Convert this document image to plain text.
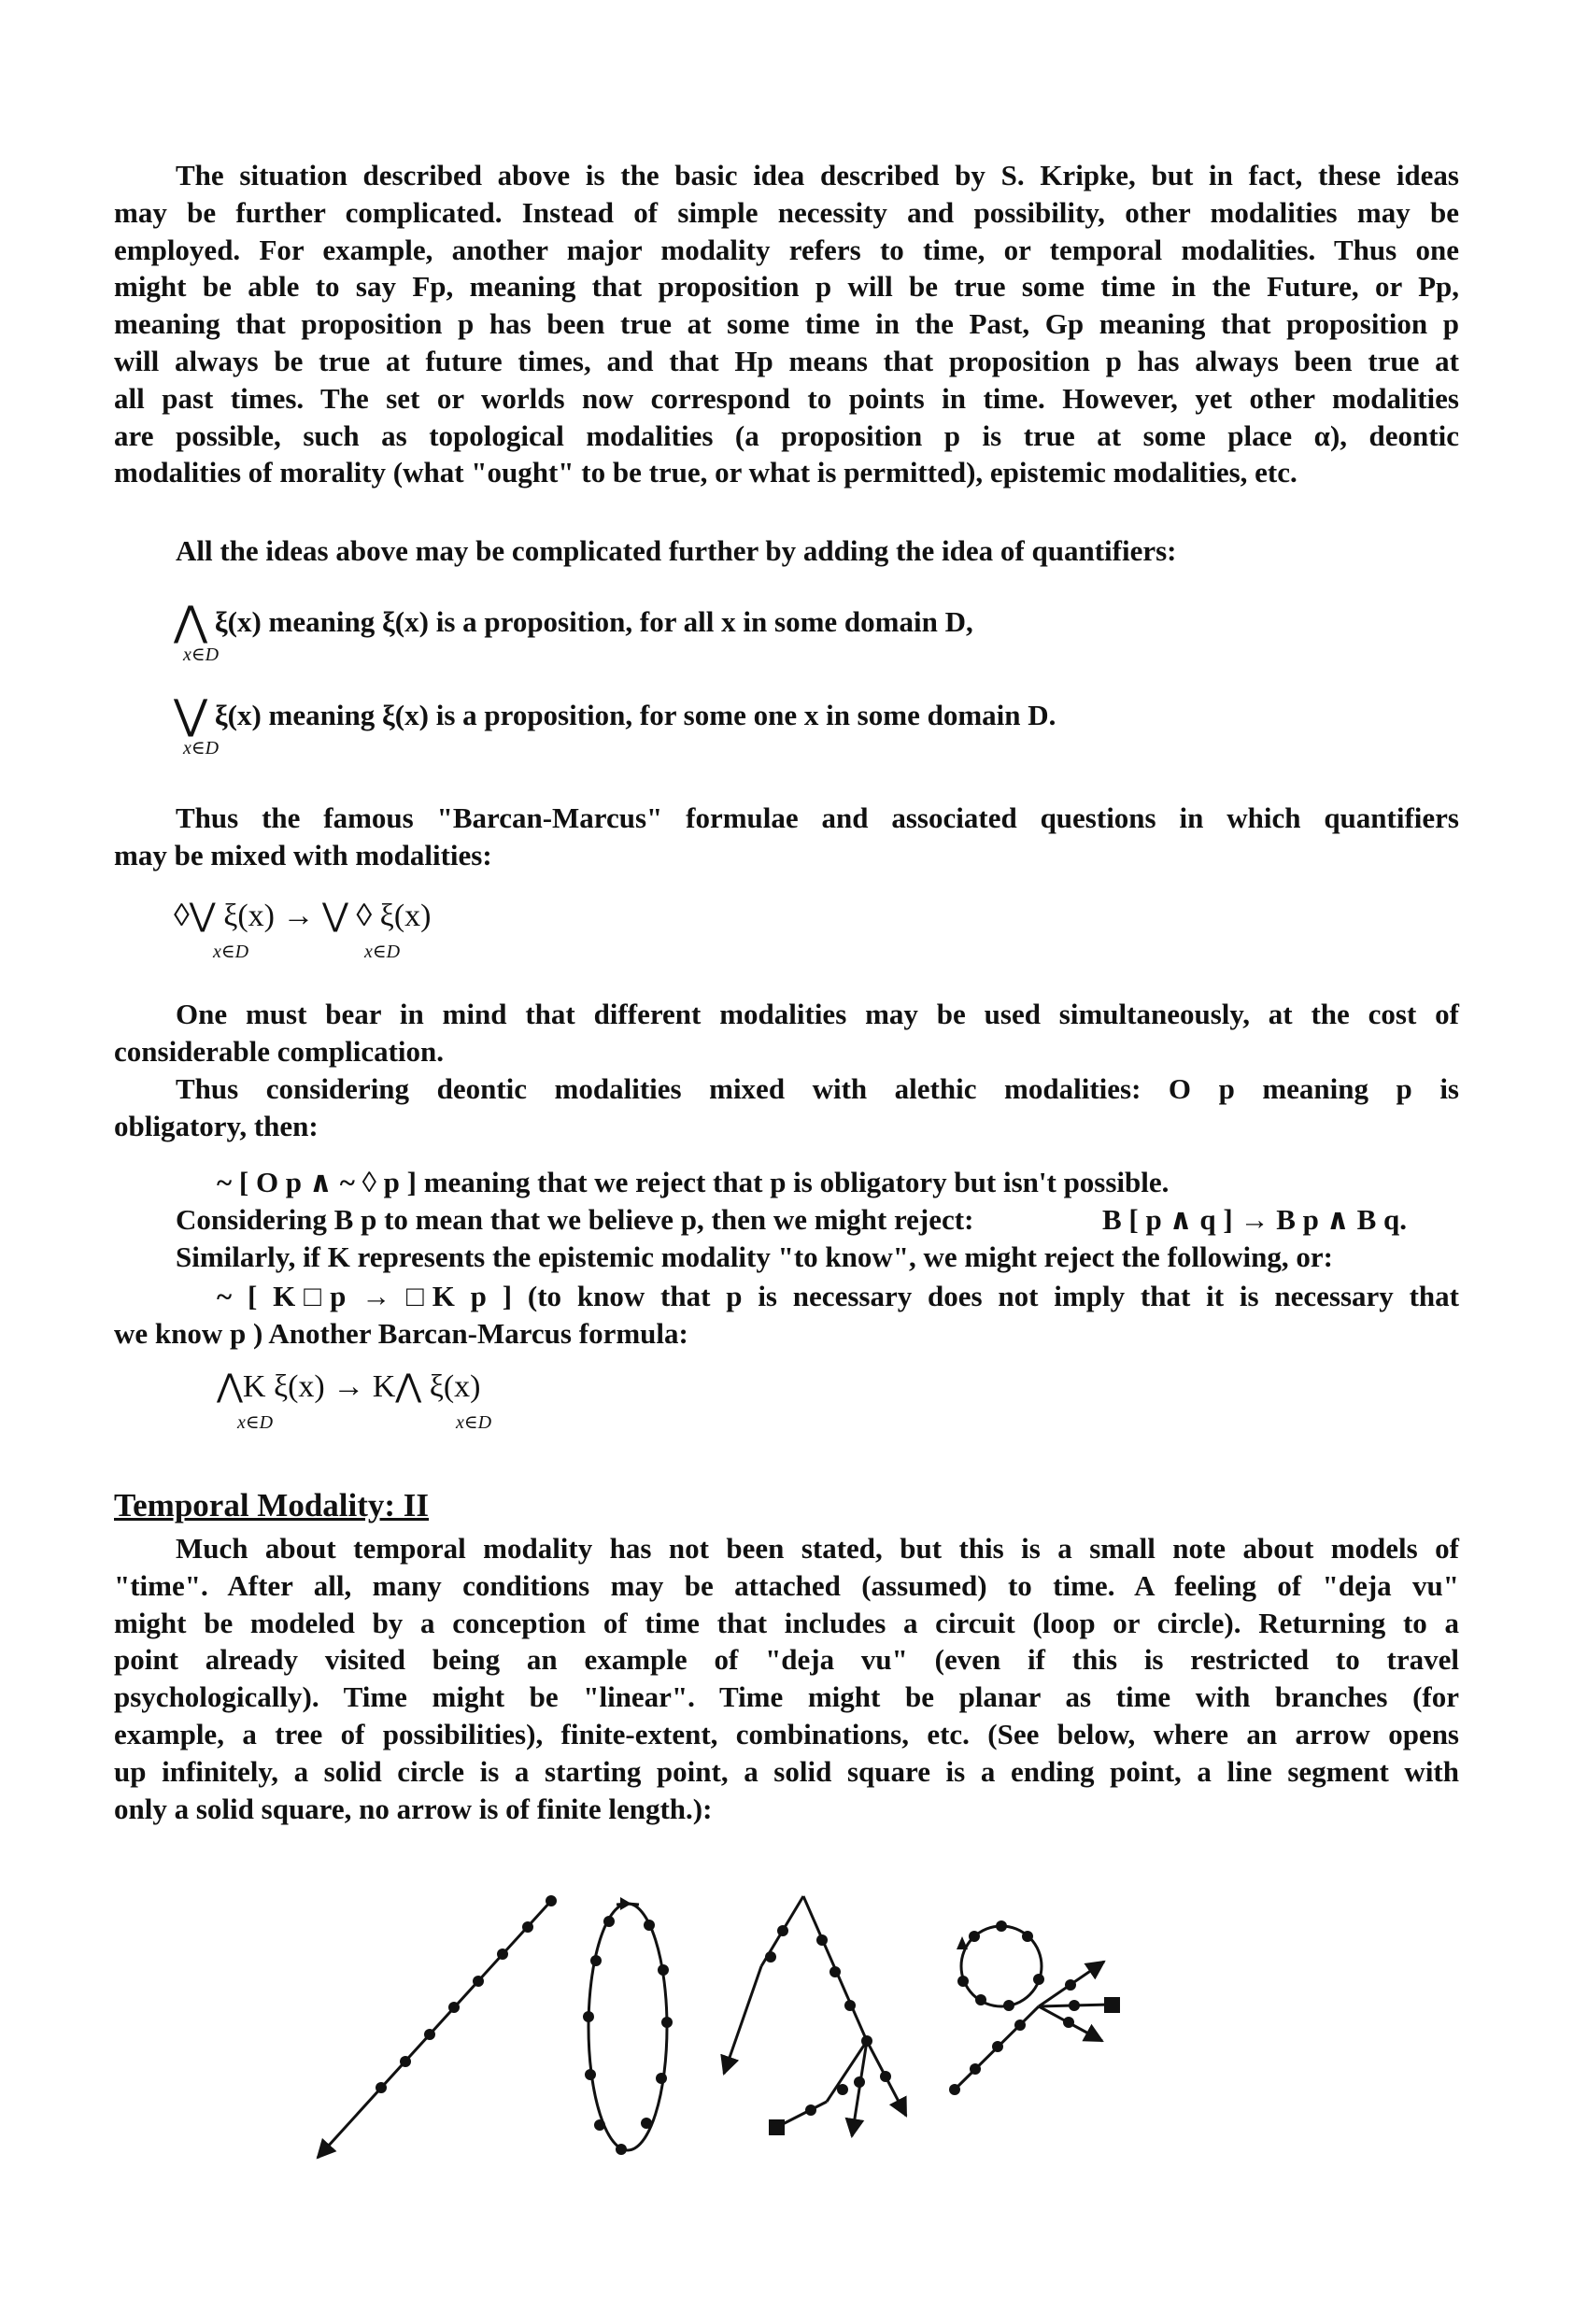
The situation described above is the basic idea described by S. Kripke, but in fact, these ideas
may be further complicated. Instead of simple necessity and possibility, other modalities may be
employed. For example, another major modality refers to time, or temporal modalities. Thus one
might be able to say Fp, meaning that proposition p will be true some time in the Future, or Pp,
meaning that proposition p has been true at some time in the Past, Gp meaning that proposition p
will always be true at future times, and that Hp means that proposition p has always been true at
all past times. The set or worlds now correspond to points in time. However, yet other modalities
are possible, such as topological modalities (a proposition p is true at some place α), deontic
modalities of morality (what "ought" to be true, or what is permitted), epistemic modalities, etc.
All the ideas above may be complicated further by adding the idea of quantifiers:
⋀ ξ(x) meaning ξ(x) is a proposition, for all x in some domain D,
x∈D
⋁ ξ(x) meaning ξ(x) is a proposition, for some one x in some domain D.
x∈D
Thus the famous "Barcan-Marcus" formulae and associated questions in which quantifiers
may be mixed with modalities:
◊⋁ ξ(x) → ⋁ ◊ ξ(x)
x∈D	x∈D
One must bear in mind that different modalities may be used simultaneously, at the cost of
considerable complication.
Thus considering deontic modalities mixed with alethic modalities: O p meaning p is
obligatory, then:
~ [ O p ∧ ~ ◊ p ] meaning that we reject that p is obligatory but isn't possible.
Considering B p to mean that we believe p, then we might reject:	B [ p ∧ q ] → B p ∧ B q.
Similarly, if K represents the epistemic modality "to know", we might reject the following, or:
~ [ K□p → □K p ] (to know that p is necessary does not imply that it is necessary that
we know p ) Another Barcan-Marcus formula:
⋀K ξ(x) → K⋀ ξ(x)
x∈D	x∈D
Temporal Modality: II
Much about temporal modality has not been stated, but this is a small note about models of
"time". After all, many conditions may be attached (assumed) to time. A feeling of "deja vu"
might be modeled by a conception of time that includes a circuit (loop or circle). Returning to a
point already visited being an example of "deja vu" (even if this is restricted to travel
psychologically). Time might be "linear". Time might be planar as time with branches (for
example, a tree of possibilities), finite-extent, combinations, etc. (See below, where an arrow opens
up infinitely, a solid circle is a starting point, a solid square is a ending point, a line segment with
only a solid square, no arrow is of finite length.):
